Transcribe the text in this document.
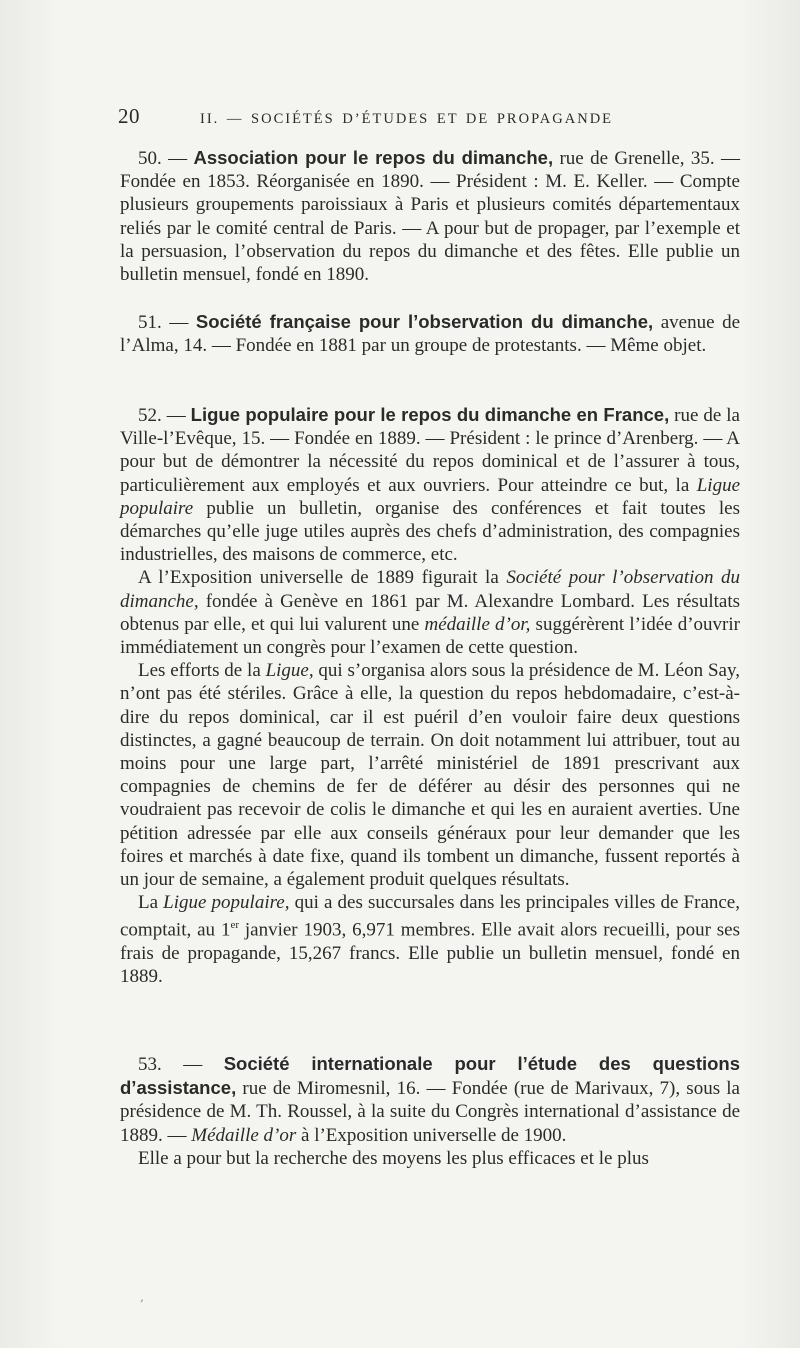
20	II. — SOCIÉTÉS D’ÉTUDES ET DE PROPAGANDE

50. — Association pour le repos du dimanche, rue de Grenelle, 35. — Fondée en 1853. Réorganisée en 1890. — Président : M. E. Keller. — Compte plusieurs groupements paroissiaux à Paris et plusieurs comités départementaux reliés par le comité central de Paris. — A pour but de propager, par l’exemple et la persuasion, l’observation du repos du dimanche et des fêtes. Elle publie un bulletin mensuel, fondé en 1890.

51. — Société française pour l’observation du dimanche, avenue de l’Alma, 14. — Fondée en 1881 par un groupe de protestants. — Même objet.

52. — Ligue populaire pour le repos du dimanche en France, rue de la Ville-l’Evêque, 15. — Fondée en 1889. — Président : le prince d’Arenberg. — A pour but de démontrer la nécessité du repos dominical et de l’assurer à tous, particulièrement aux employés et aux ouvriers. Pour atteindre ce but, la Ligue populaire publie un bulletin, organise des conférences et fait toutes les démarches qu’elle juge utiles auprès des chefs d’administration, des compagnies industrielles, des maisons de commerce, etc.

A l’Exposition universelle de 1889 figurait la Société pour l’observation du dimanche, fondée à Genève en 1861 par M. Alexandre Lombard. Les résultats obtenus par elle, et qui lui valurent une médaille d’or, suggérèrent l’idée d’ouvrir immédiatement un congrès pour l’examen de cette question.

Les efforts de la Ligue, qui s’organisa alors sous la présidence de M. Léon Say, n’ont pas été stériles. Grâce à elle, la question du repos hebdomadaire, c’est-à-dire du repos dominical, car il est puéril d’en vouloir faire deux questions distinctes, a gagné beaucoup de terrain. On doit notamment lui attribuer, tout au moins pour une large part, l’arrêté ministériel de 1891 prescrivant aux compagnies de chemins de fer de déférer au désir des personnes qui ne voudraient pas recevoir de colis le dimanche et qui les en auraient averties. Une pétition adressée par elle aux conseils généraux pour leur demander que les foires et marchés à date fixe, quand ils tombent un dimanche, fussent reportés à un jour de semaine, a également produit quelques résultats.

La Ligue populaire, qui a des succursales dans les principales villes de France, comptait, au 1er janvier 1903, 6,971 membres. Elle avait alors recueilli, pour ses frais de propagande, 15,267 francs. Elle publie un bulletin mensuel, fondé en 1889.

53. — Société internationale pour l’étude des questions d’assistance, rue de Miromesnil, 16. — Fondée (rue de Marivaux, 7), sous la présidence de M. Th. Roussel, à la suite du Congrès international d’assistance de 1889. — Médaille d’or à l’Exposition universelle de 1900.

Elle a pour but la recherche des moyens les plus efficaces et le plus

‚
